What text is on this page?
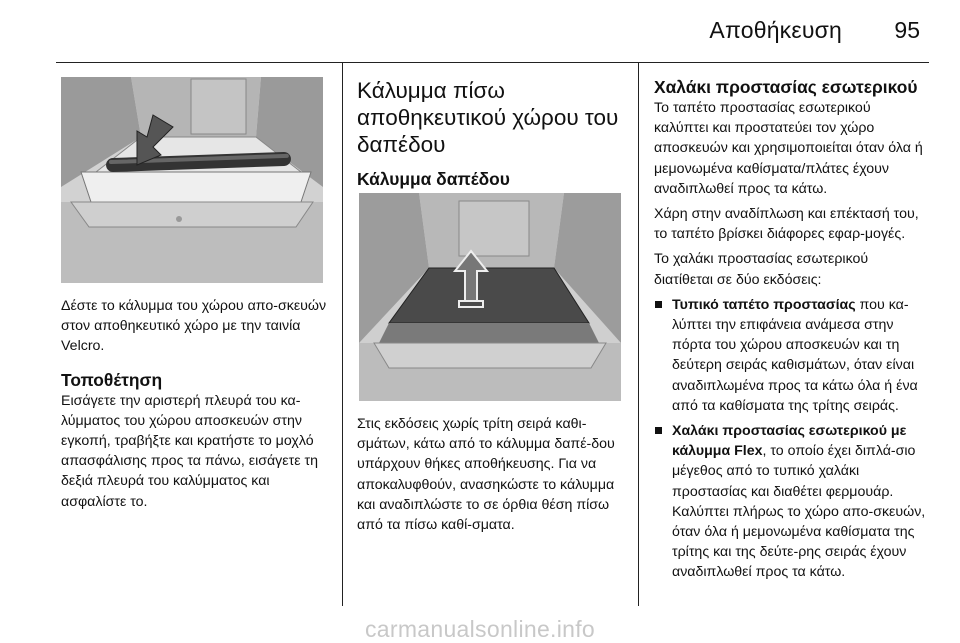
Αποθήκευση 95

Δέστε το κάλυμμα του χώρου απο-σκευών στον αποθηκευτικό χώρο με την ταινία Velcro.

Τοποθέτηση

Εισάγετε την αριστερή πλευρά του κα-λύμματος του χώρου αποσκευών στην εγκοπή, τραβήξτε και κρατήστε το μοχλό απασφάλισης προς τα πάνω, εισάγετε τη δεξιά πλευρά του καλύμματος και ασφαλίστε το.

Κάλυμμα πίσω αποθηκευτικού χώρου του δαπέδου

Κάλυμμα δαπέδου

Στις εκδόσεις χωρίς τρίτη σειρά καθι-σμάτων, κάτω από το κάλυμμα δαπέ-δου υπάρχουν θήκες αποθήκευσης. Για να αποκαλυφθούν, ανασηκώστε το κάλυμμα και αναδιπλώστε το σε όρθια θέση πίσω από τα πίσω καθί-σματα.

Χαλάκι προστασίας εσωτερικού

Το ταπέτο προστασίας εσωτερικού καλύπτει και προστατεύει τον χώρο αποσκευών και χρησιμοποιείται όταν όλα ή μεμονωμένα καθίσματα/πλάτες έχουν αναδιπλωθεί προς τα κάτω.

Χάρη στην αναδίπλωση και επέκτασή του, το ταπέτο βρίσκει διάφορες εφαρ-μογές.

Το χαλάκι προστασίας εσωτερικού διατίθεται σε δύο εκδόσεις:

Τυπικό ταπέτο προστασίας που κα-λύπτει την επιφάνεια ανάμεσα στην πόρτα του χώρου αποσκευών και τη δεύτερη σειράς καθισμάτων, όταν είναι αναδιπλωμένα προς τα κάτω όλα ή ένα από τα καθίσματα της τρίτης σειράς.
Χαλάκι προστασίας εσωτερικού με κάλυμμα Flex, το οποίο έχει διπλά-σιο μέγεθος από το τυπικό χαλάκι προστασίας και διαθέτει φερμουάρ. Καλύπτει πλήρως το χώρο απο-σκευών, όταν όλα ή μεμονωμένα καθίσματα της τρίτης και της δεύτε-ρης σειράς έχουν αναδιπλωθεί προς τα κάτω.
carmanualsonline.info
